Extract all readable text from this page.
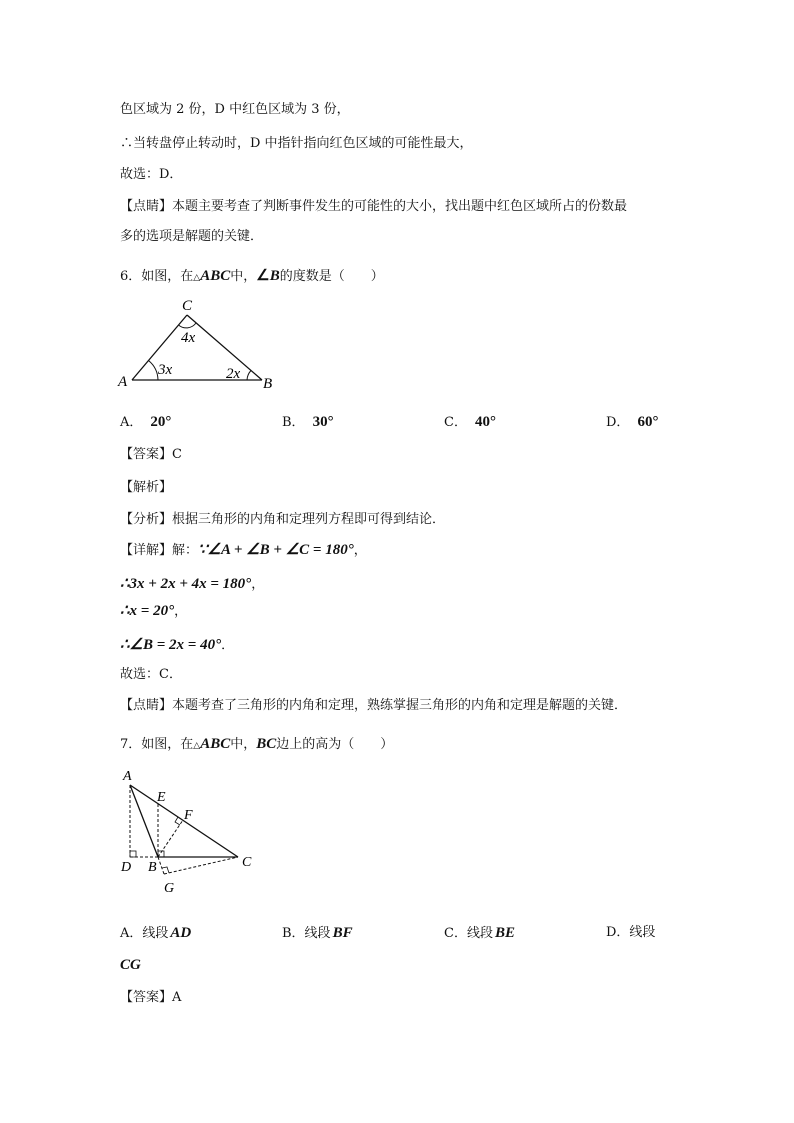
色区域为 2 份，D 中红色区域为 3 份，
∴当转盘停止转动时，D 中指针指向红色区域的可能性最大，
故选：D．
【点睛】本题主要考查了判断事件发生的可能性的大小，找出题中红色区域所占的份数最
多的选项是解题的关键．
6．如图，在△ABC中，∠B的度数是（　　）
C
4x
3x	2x
A	B
A． 20°	B． 30°	C． 40°	D． 60°
【答案】C
【解析】
【分析】根据三角形的内角和定理列方程即可得到结论．
【详解】解：∵∠A + ∠B + ∠C = 180°，
∴3x + 2x + 4x = 180°，
∴x = 20°，
∴∠B = 2x = 40°．
故选：C．
【点睛】本题考查了三角形的内角和定理，熟练掌握三角形的内角和定理是解题的关键．
7．如图，在△ABC中，BC边上的高为（　　）
A
E
F
D B	C
G
A．线段 AD	B．线段 BF	C．线段 BE	D．线段
CG
【答案】A
